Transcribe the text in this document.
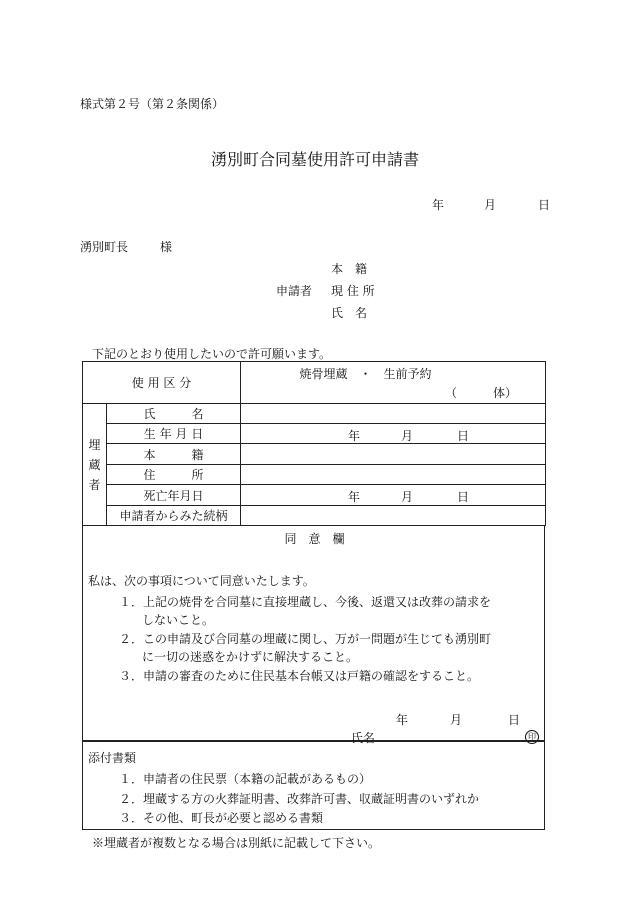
様式第２号（第２条関係）
湧別町合同墓使用許可申請書
年	月	日
湧別町長	様
本　籍
申請者 現 住 所
氏　名
下記のとおり使用したいので許可願います。
使 用 区 分		焼骨埋蔵　・　生前予約
（　　　体）

埋蔵者	氏　　　名	
	生 年 月 日	年 月 日

	本　　　籍	
	住　　　所	
	死亡年月日	年 月 日

	申請者からみた続柄	
同　意　欄
私は、次の事項について同意いたします。
１．上記の焼骨を合同墓に直接埋蔵し、今後、返還又は改葬の請求を
しないこと。
２．この申請及び合同墓の埋蔵に関し、万が一問題が生じても湧別町
に一切の迷惑をかけずに解決すること。
３．申請の審査のために住民基本台帳又は戸籍の確認をすること。
年	月	日
氏名	印
添付書類
１．申請者の住民票（本籍の記載があるもの）
２．埋蔵する方の火葬証明書、改葬許可書、収蔵証明書のいずれか
３．その他、町長が必要と認める書類
※埋蔵者が複数となる場合は別紙に記載して下さい。
